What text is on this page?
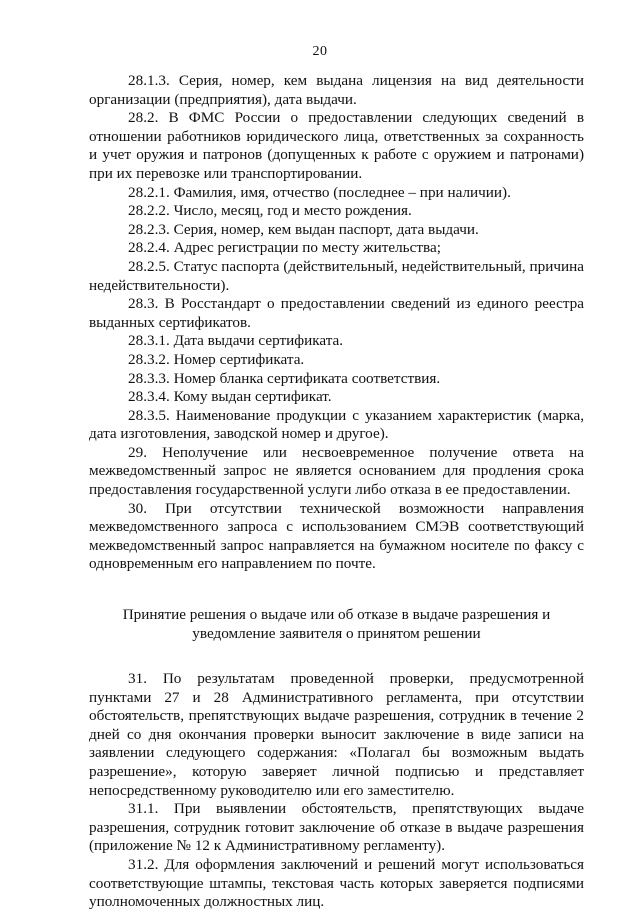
20

28.1.3. Серия, номер, кем выдана лицензия на вид деятельности организации (предприятия), дата выдачи.

28.2. В ФМС России о предоставлении следующих сведений в отношении работников юридического лица, ответственных за сохранность и учет оружия и патронов (допущенных к работе с оружием и патронами) при их перевозке или транспортировании.

28.2.1. Фамилия, имя, отчество (последнее – при наличии).

28.2.2. Число, месяц, год и место рождения.

28.2.3. Серия, номер, кем выдан паспорт, дата выдачи.

28.2.4. Адрес регистрации по месту жительства;

28.2.5. Статус паспорта (действительный, недействительный, причина недействительности).

28.3. В Росстандарт о предоставлении сведений из единого реестра выданных сертификатов.

28.3.1. Дата выдачи сертификата.

28.3.2. Номер сертификата.

28.3.3. Номер бланка сертификата соответствия.

28.3.4. Кому выдан сертификат.

28.3.5. Наименование продукции с указанием характеристик (марка, дата изготовления, заводской номер и другое).

29. Неполучение или несвоевременное получение ответа на межведомственный запрос не является основанием для продления срока предоставления государственной услуги либо отказа в ее предоставлении.

30. При отсутствии технической возможности направления межведомственного запроса с использованием СМЭВ соответствующий межведомственный запрос направляется на бумажном носителе по факсу с одновременным его направлением по почте.

Принятие решения о выдаче или об отказе в выдаче разрешения и
уведомление заявителя о принятом решении

31. По результатам проведенной проверки, предусмотренной пунктами 27 и 28 Административного регламента, при отсутствии обстоятельств, препятствующих выдаче разрешения, сотрудник в течение 2 дней со дня окончания проверки выносит заключение в виде записи на заявлении следующего содержания: «Полагал бы возможным выдать разрешение», которую заверяет личной подписью и представляет непосредственному руководителю или его заместителю.

31.1. При выявлении обстоятельств, препятствующих выдаче разрешения, сотрудник готовит заключение об отказе в выдаче разрешения (приложение № 12 к Административному регламенту).

31.2. Для оформления заключений и решений могут использоваться соответствующие штампы, текстовая часть которых заверяется подписями уполномоченных должностных лиц.
